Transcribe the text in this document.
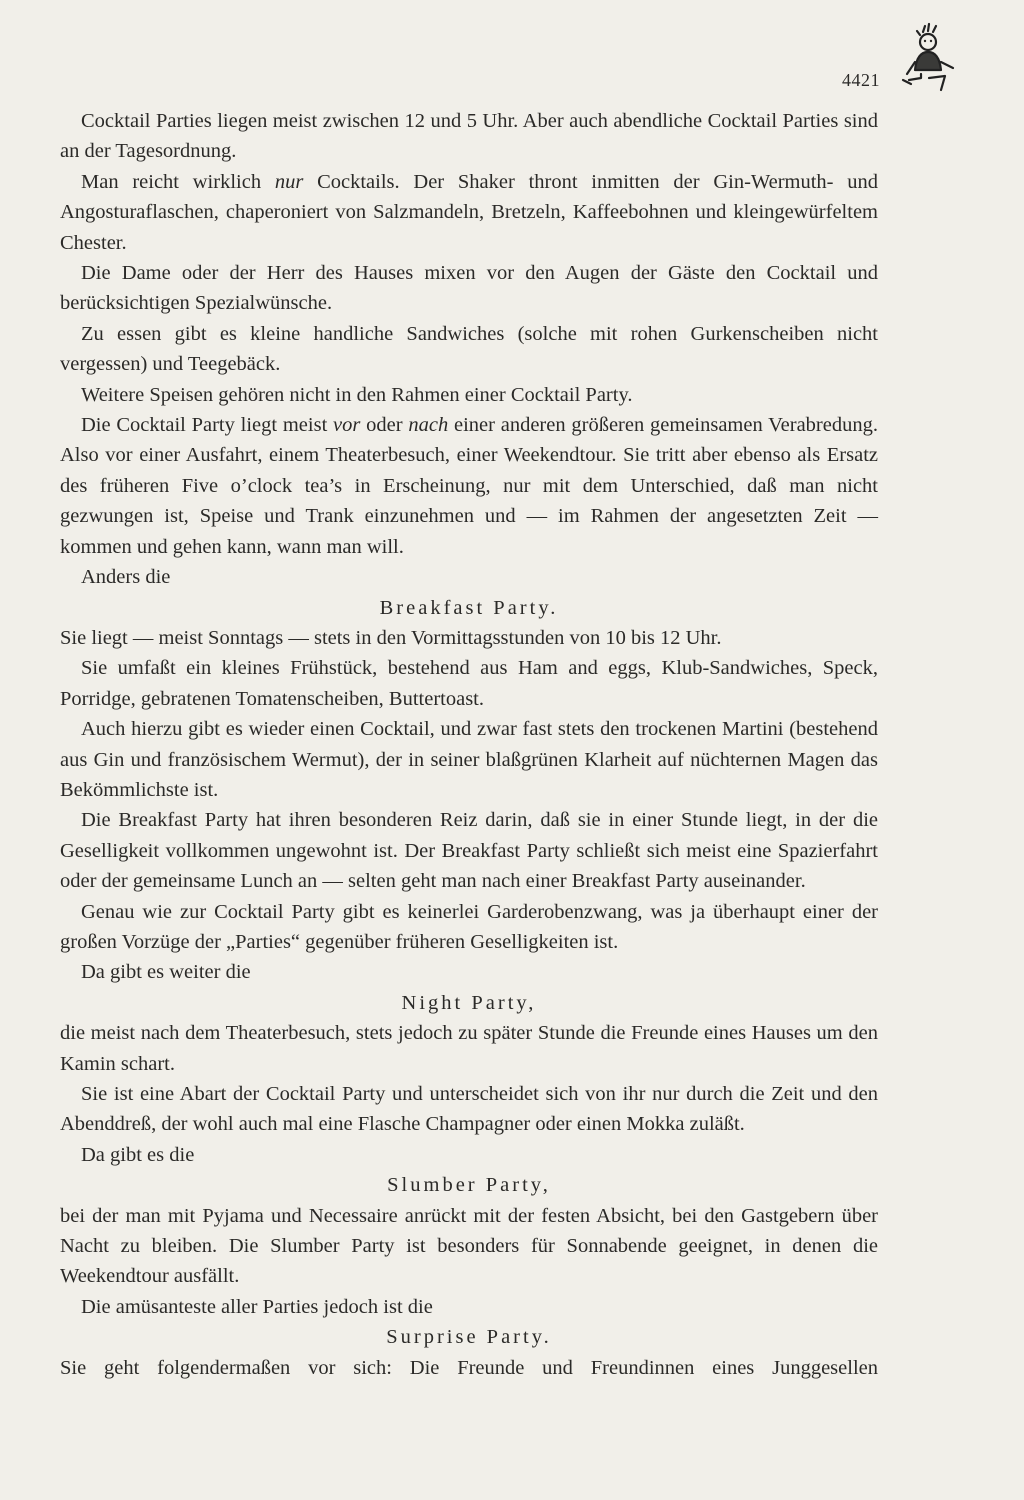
4421

Cocktail Parties liegen meist zwischen 12 und 5 Uhr. Aber auch abendliche Cocktail Parties sind an der Tagesordnung.

Man reicht wirklich nur Cocktails. Der Shaker thront inmitten der Gin-Wermuth- und Angosturaflaschen, chaperoniert von Salzmandeln, Bretzeln, Kaffeebohnen und kleingewürfeltem Chester.

Die Dame oder der Herr des Hauses mixen vor den Augen der Gäste den Cocktail und berücksichtigen Spezialwünsche.

Zu essen gibt es kleine handliche Sandwiches (solche mit rohen Gurkenscheiben nicht vergessen) und Teegebäck.

Weitere Speisen gehören nicht in den Rahmen einer Cocktail Party.

Die Cocktail Party liegt meist vor oder nach einer anderen größeren gemeinsamen Verabredung. Also vor einer Ausfahrt, einem Theaterbesuch, einer Weekendtour. Sie tritt aber ebenso als Ersatz des früheren Five o’clock tea’s in Erscheinung, nur mit dem Unterschied, daß man nicht gezwungen ist, Speise und Trank einzunehmen und — im Rahmen der angesetzten Zeit — kommen und gehen kann, wann man will.

Anders die

Breakfast Party.

Sie liegt — meist Sonntags — stets in den Vormittagsstunden von 10 bis 12 Uhr.

Sie umfaßt ein kleines Frühstück, bestehend aus Ham and eggs, Klub-Sandwiches, Speck, Porridge, gebratenen Tomatenscheiben, Buttertoast.

Auch hierzu gibt es wieder einen Cocktail, und zwar fast stets den trockenen Martini (bestehend aus Gin und französischem Wermut), der in seiner blaßgrünen Klarheit auf nüchternen Magen das Bekömmlichste ist.

Die Breakfast Party hat ihren besonderen Reiz darin, daß sie in einer Stunde liegt, in der die Geselligkeit vollkommen ungewohnt ist. Der Breakfast Party schließt sich meist eine Spazierfahrt oder der gemeinsame Lunch an — selten geht man nach einer Breakfast Party auseinander.

Genau wie zur Cocktail Party gibt es keinerlei Garderobenzwang, was ja überhaupt einer der großen Vorzüge der „Parties“ gegenüber früheren Geselligkeiten ist.

Da gibt es weiter die

Night Party,

die meist nach dem Theaterbesuch, stets jedoch zu später Stunde die Freunde eines Hauses um den Kamin schart.

Sie ist eine Abart der Cocktail Party und unterscheidet sich von ihr nur durch die Zeit und den Abenddreß, der wohl auch mal eine Flasche Champagner oder einen Mokka zuläßt.

Da gibt es die

Slumber Party,

bei der man mit Pyjama und Necessaire anrückt mit der festen Absicht, bei den Gastgebern über Nacht zu bleiben. Die Slumber Party ist besonders für Sonnabende geeignet, in denen die Weekendtour ausfällt.

Die amüsanteste aller Parties jedoch ist die

Surprise Party.

Sie geht folgendermaßen vor sich: Die Freunde und Freundinnen eines Junggesellen
